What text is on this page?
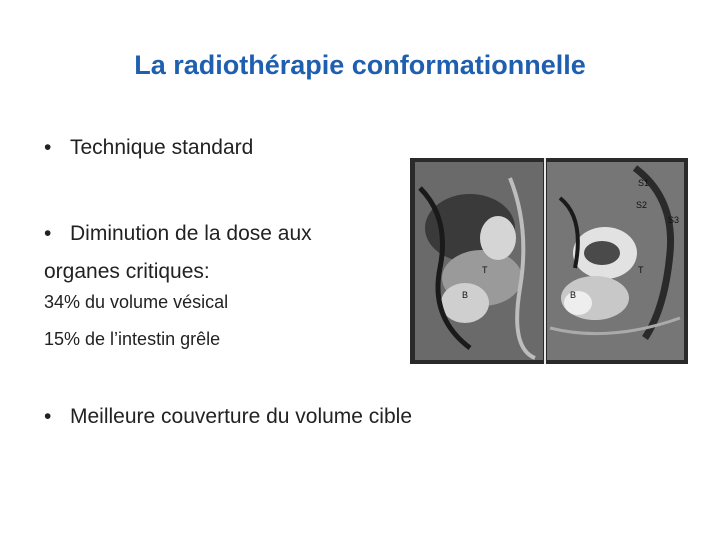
La radiothérapie conformationnelle
• Technique standard
• Diminution de la dose aux
organes critiques:
34% du volume vésical
15% de l’intestin grêle
• Meilleure couverture du volume cible
S1
S2
S3
T
B
T
B
